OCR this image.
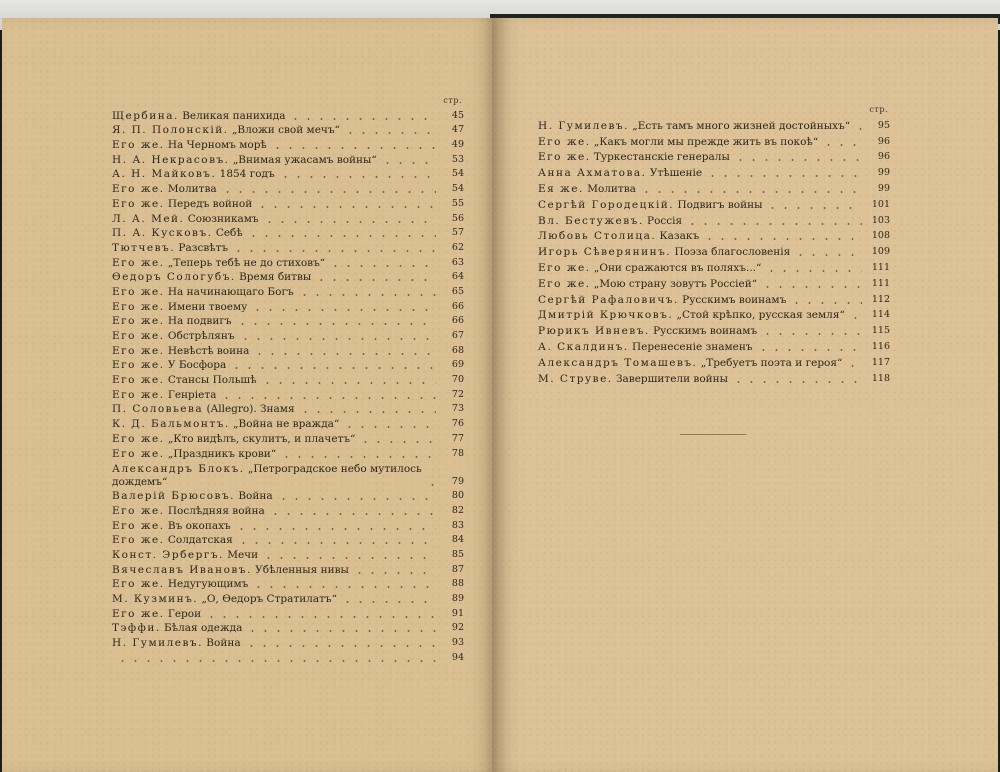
стр.
Щербина. Великая панихида	45
Я. П. Полонскій. „Вложи свой мечъ“	47
Его же. На Черномъ морѣ	49
Н. А. Некрасовъ. „Внимая ужасамъ войны“	53
А. Н. Майковъ. 1854 годъ	54
Его же. Молитва	54
Его же. Передъ войной	55
Л. А. Мей. Союзникамъ	56
П. А. Кусковъ. Себѣ	57
Тютчевъ. Разсвѣтъ	62
Его же. „Теперь тебѣ не до стиховъ“	63
Ѳедоръ Сологубъ. Время битвы	64
Его же. На начинающаго Богъ	65
Его же. Имени твоему	66
Его же. На подвигъ	66
Его же. Обстрѣлянъ	67
Его же. Невѣстѣ воина	68
Его же. У Босфора	69
Его же. Стансы Польшѣ	70
Его же. Генріета	72
П. Соловьева (Allegro). Знамя	73
К. Д. Бальмонтъ. „Война не вражда“	76
Его же. „Кто видѣлъ, скулитъ, и плачетъ“	77
Его же. „Праздникъ крови“	78
Александръ Блокъ. „Петроградское небо мутилось дождемъ“	79
Валерій Брюсовъ. Война	80
Его же. Послѣдняя война	82
Его же. Въ окопахъ	83
Его же. Солдатская	84
Конст. Эрбергъ. Мечи	85
Вячеславъ Ивановъ. Убѣленныя нивы	87
Его же. Недугующимъ	88
М. Кузминъ. „О, Ѳедоръ Стратилатъ“	89
Его же. Герои	91
Тэффи. Бѣлая одежда	92
Н. Гумилевъ. Война	93
94
стр.
Н. Гумилевъ. „Есть тамъ много жизней достойныхъ“	95
Его же. „Какъ могли мы прежде жить въ покоѣ“	96
Его же. Туркестанскіе генералы	96
Анна Ахматова. Утѣшеніе	99
Ея же. Молитва	99
Сергѣй Городецкій. Подвигъ войны	101
Вл. Бестужевъ. Россія	103
Любовь Столица. Казакъ	108
Игорь Сѣверянинъ. Поэза благословенія	109
Его же. „Они сражаются въ поляхъ...“	111
Его же. „Мою страну зовутъ Россіей“	111
Сергѣй Рафаловичъ. Русскимъ воинамъ	112
Дмитрій Крючковъ. „Стой крѣпко, русская земля“	114
Рюрикъ Ивневъ. Русскимъ воинамъ	115
А. Скалдинъ. Перенесеніе знаменъ	116
Александръ Томашевъ. „Требуетъ поэта и героя“	117
М. Струве. Завершители войны	118
